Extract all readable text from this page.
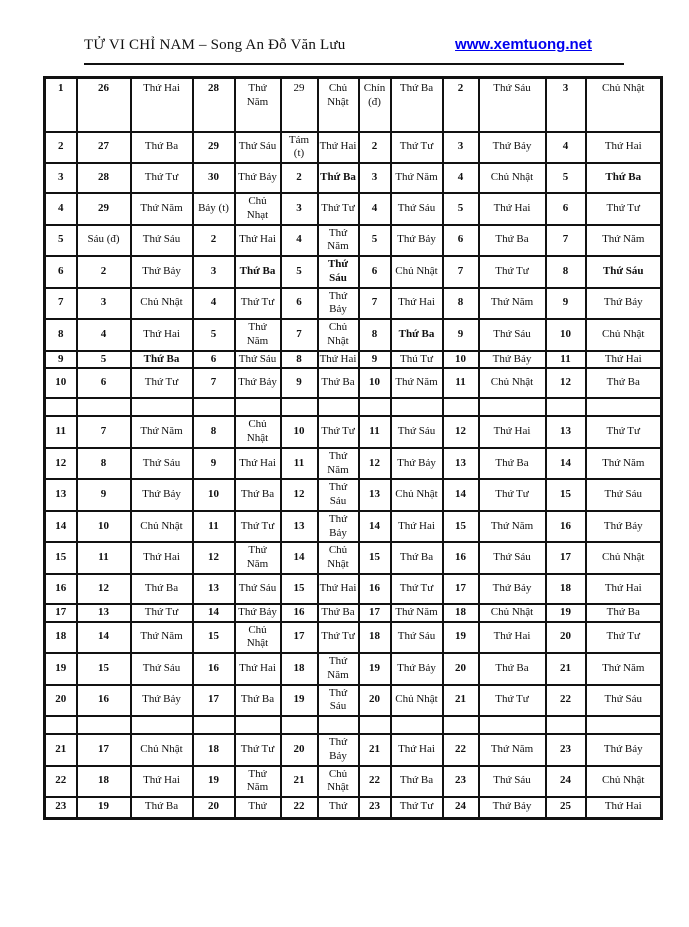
TỬ VI CHỈ NAM – Song An Đỗ Văn Lưu	www.xemtuong.net
1	26	Thứ Hai	28	Thứ Năm	29	Chủ Nhật	Chín (đ)	Thứ Ba	2	Thứ Sáu	3	Chủ Nhật
2	27	Thứ Ba	29	Thứ Sáu	Tám (t)	Thứ Hai	2	Thứ Tư	3	Thứ Bảy	4	Thứ Hai
3	28	Thứ Tư	30	Thứ Bảy	2	Thứ Ba	3	Thứ Năm	4	Chủ Nhật	5	Thứ Ba
4	29	Thứ Năm	Bảy (t)	Chủ Nhạt	3	Thứ Tư	4	Thứ Sáu	5	Thứ Hai	6	Thứ Tư
5	Sáu (đ)	Thứ Sáu	2	Thứ Hai	4	Thứ Năm	5	Thứ Bảy	6	Thứ Ba	7	Thứ Năm
6	2	Thứ Bảy	3	Thứ Ba	5	Thứ Sáu	6	Chủ Nhật	7	Thứ Tư	8	Thứ Sáu
7	3	Chủ Nhật	4	Thứ Tư	6	Thứ Bảy	7	Thứ Hai	8	Thứ Năm	9	Thứ Bảy
8	4	Thứ Hai	5	Thứ Năm	7	Chủ Nhật	8	Thứ Ba	9	Thứ Sáu	10	Chủ Nhật
9	5	Thứ Ba	6	Thứ Sáu	8	Thứ Hai	9	Thú Tư	10	Thứ Bảy	11	Thứ Hai
10	6	Thứ Tư	7	Thứ Bảy	9	Thứ Ba	10	Thứ Năm	11	Chủ Nhật	12	Thứ Ba

11	7	Thứ Năm	8	Chủ Nhật	10	Thứ Tư	11	Thứ Sáu	12	Thứ Hai	13	Thứ Tư
12	8	Thứ Sáu	9	Thứ Hai	11	Thứ Năm	12	Thứ Bảy	13	Thứ Ba	14	Thứ Năm
13	9	Thứ Bảy	10	Thứ Ba	12	Thứ Sáu	13	Chủ Nhật	14	Thứ Tư	15	Thứ Sáu
14	10	Chủ Nhật	11	Thứ Tư	13	Thứ Bảy	14	Thứ Hai	15	Thứ Năm	16	Thứ Bảy
15	11	Thứ Hai	12	Thứ Năm	14	Chủ Nhật	15	Thứ Ba	16	Thứ Sáu	17	Chủ Nhật
16	12	Thứ Ba	13	Thứ Sáu	15	Thứ Hai	16	Thứ Tư	17	Thứ Bảy	18	Thứ Hai
17	13	Thứ Tư	14	Thứ Bảy	16	Thứ Ba	17	Thứ Năm	18	Chủ Nhật	19	Thứ Ba
18	14	Thứ Năm	15	Chủ Nhật	17	Thứ Tư	18	Thứ Sáu	19	Thứ Hai	20	Thứ Tư
19	15	Thứ Sáu	16	Thứ Hai	18	Thứ Năm	19	Thứ Bảy	20	Thứ Ba	21	Thứ Năm
20	16	Thứ Bảy	17	Thứ Ba	19	Thứ Sáu	20	Chủ Nhật	21	Thứ Tư	22	Thứ Sáu

21	17	Chủ Nhật	18	Thứ Tư	20	Thứ Bảy	21	Thứ Hai	22	Thứ Năm	23	Thứ Bảy
22	18	Thứ Hai	19	Thứ Năm	21	Chủ Nhật	22	Thứ Ba	23	Thứ Sáu	24	Chủ Nhật
23	19	Thứ Ba	20	Thứ	22	Thứ	23	Thứ Tư	24	Thứ Bảy	25	Thứ Hai
